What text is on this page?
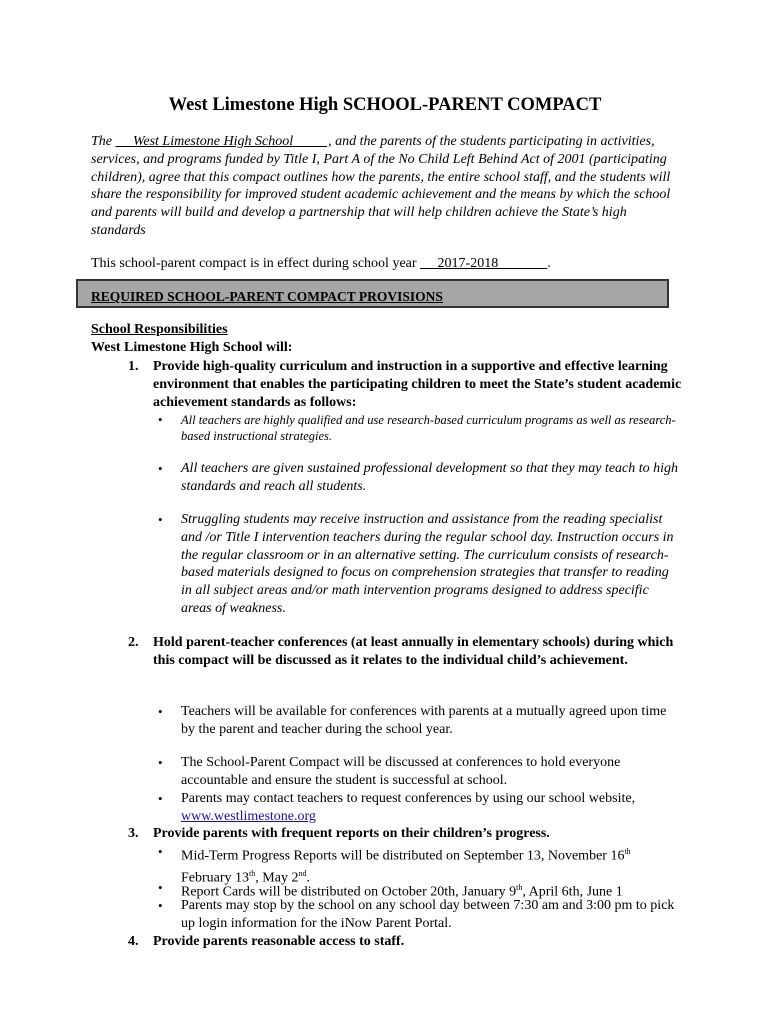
West Limestone High SCHOOL-PARENT COMPACT
The      West Limestone High School          , and the parents of the students participating in activities, services, and programs funded by Title I, Part A of the No Child Left Behind Act of 2001 (participating children), agree that this compact outlines how the parents, the entire school staff, and the students will share the responsibility for improved student academic achievement and the means by which the school and parents will build and develop a partnership that will help children achieve the State’s high standards
This school-parent compact is in effect during school year      2017-2018              .
REQUIRED SCHOOL-PARENT COMPACT PROVISIONS
School Responsibilities
West Limestone High School will:
1. Provide high-quality curriculum and instruction in a supportive and effective learning environment that enables the participating children to meet the State’s student academic achievement standards as follows:
• All teachers are highly qualified and use research-based curriculum programs as well as research-based instructional strategies.
• All teachers are given sustained professional development so that they may teach to high standards and reach all students.
• Struggling students may receive instruction and assistance from the reading specialist and /or Title I intervention teachers during the regular school day. Instruction occurs in the regular classroom or in an alternative setting. The curriculum consists of research-based materials designed to focus on comprehension strategies that transfer to reading in all subject areas and/or math intervention programs designed to address specific areas of weakness.
2. Hold parent-teacher conferences (at least annually in elementary schools) during which this compact will be discussed as it relates to the individual child’s achievement.
• Teachers will be available for conferences with parents at a mutually agreed upon time by the parent and teacher during the school year.
• The School-Parent Compact will be discussed at conferences to hold everyone accountable and ensure the student is successful at school.
• Parents may contact teachers to request conferences by using our school website,
www.westlimestone.org
3. Provide parents with frequent reports on their children’s progress.
• Mid-Term Progress Reports will be distributed on September 13, November 16th
February 13th, May 2nd.
• Report Cards will be distributed on October 20th, January 9th, April 6th, June 1
• Parents may stop by the school on any school day between 7:30 am and 3:00 pm to pick up login information for the iNow Parent Portal.
4. Provide parents reasonable access to staff.
